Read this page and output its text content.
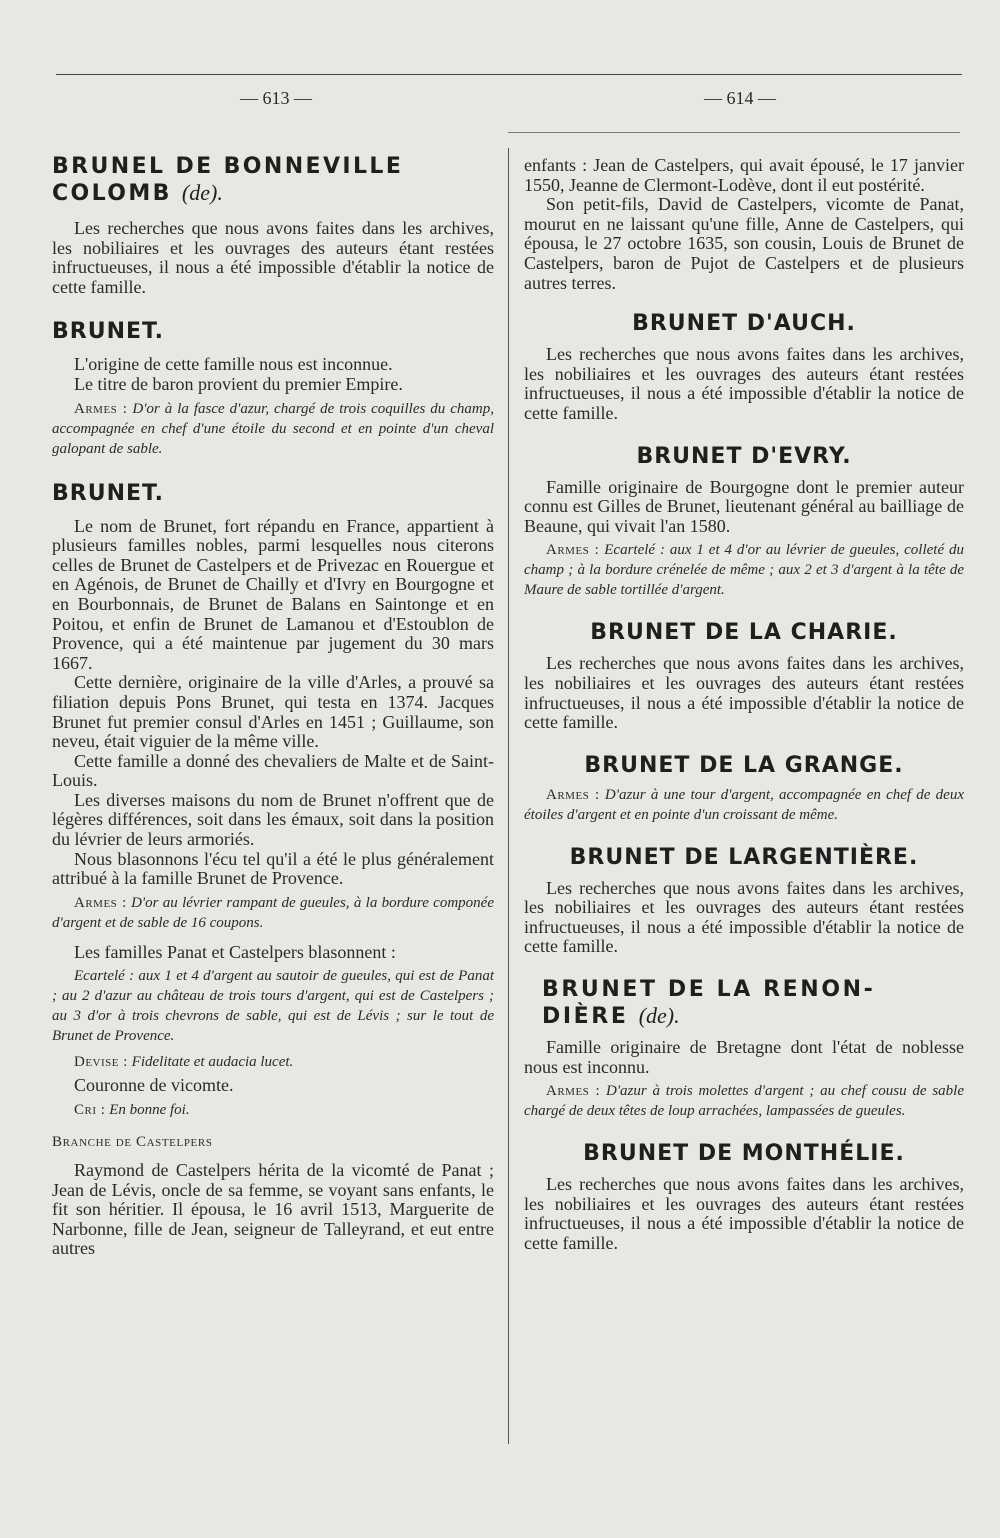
— 613 —	— 614 —
BRUNEL DE BONNEVILLE
COLOMB (de).

Les recherches que nous avons faites dans les archives, les nobiliaires et les ouvrages des auteurs étant restées infructueuses, il nous a été impossible d'établir la notice de cette famille.

BRUNET.

L'origine de cette famille nous est inconnue.

Le titre de baron provient du premier Empire.

Armes : D'or à la fasce d'azur, chargé de trois coquilles du champ, accompagnée en chef d'une étoile du second et en pointe d'un cheval galopant de sable.

BRUNET.

Le nom de Brunet, fort répandu en France, appartient à plusieurs familles nobles, parmi lesquelles nous citerons celles de Brunet de Castelpers et de Privezac en Rouergue et en Agénois, de Brunet de Chailly et d'Ivry en Bourgogne et en Bourbonnais, de Brunet de Balans en Saintonge et en Poitou, et enfin de Brunet de Lamanou et d'Estoublon de Provence, qui a été maintenue par jugement du 30 mars 1667.

Cette dernière, originaire de la ville d'Arles, a prouvé sa filiation depuis Pons Brunet, qui testa en 1374. Jacques Brunet fut premier consul d'Arles en 1451 ; Guillaume, son neveu, était viguier de la même ville.

Cette famille a donné des chevaliers de Malte et de Saint-Louis.

Les diverses maisons du nom de Brunet n'offrent que de légères différences, soit dans les émaux, soit dans la position du lévrier de leurs armoriés.

Nous blasonnons l'écu tel qu'il a été le plus généralement attribué à la famille Brunet de Provence.

Armes : D'or au lévrier rampant de gueules, à la bordure componée d'argent et de sable de 16 coupons.

Les familles Panat et Castelpers blasonnent :

Ecartelé : aux 1 et 4 d'argent au sautoir de gueules, qui est de Panat ; au 2 d'azur au château de trois tours d'argent, qui est de Castelpers ; au 3 d'or à trois chevrons de sable, qui est de Lévis ; sur le tout de Brunet de Provence.

Devise : Fidelitate et audacia lucet.

Couronne de vicomte.

Cri : En bonne foi.

Branche de Castelpers

Raymond de Castelpers hérita de la vicomté de Panat ; Jean de Lévis, oncle de sa femme, se voyant sans enfants, le fit son héritier. Il épousa, le 16 avril 1513, Marguerite de Narbonne, fille de Jean, seigneur de Talleyrand, et eut entre autres

enfants : Jean de Castelpers, qui avait épousé, le 17 janvier 1550, Jeanne de Clermont-Lodève, dont il eut postérité.

Son petit-fils, David de Castelpers, vicomte de Panat, mourut en ne laissant qu'une fille, Anne de Castelpers, qui épousa, le 27 octobre 1635, son cousin, Louis de Brunet de Castelpers, baron de Pujot de Castelpers et de plusieurs autres terres.

BRUNET D'AUCH.

Les recherches que nous avons faites dans les archives, les nobiliaires et les ouvrages des auteurs étant restées infructueuses, il nous a été impossible d'établir la notice de cette famille.

BRUNET D'EVRY.

Famille originaire de Bourgogne dont le premier auteur connu est Gilles de Brunet, lieutenant général au bailliage de Beaune, qui vivait l'an 1580.

Armes : Ecartelé : aux 1 et 4 d'or au lévrier de gueules, colleté du champ ; à la bordure crénelée de même ; aux 2 et 3 d'argent à la tête de Maure de sable tortillée d'argent.

BRUNET DE LA CHARIE.

Les recherches que nous avons faites dans les archives, les nobiliaires et les ouvrages des auteurs étant restées infructueuses, il nous a été impossible d'établir la notice de cette famille.

BRUNET DE LA GRANGE.

Armes : D'azur à une tour d'argent, accompagnée en chef de deux étoiles d'argent et en pointe d'un croissant de même.

BRUNET DE LARGENTIÈRE.

Les recherches que nous avons faites dans les archives, les nobiliaires et les ouvrages des auteurs étant restées infructueuses, il nous a été impossible d'établir la notice de cette famille.

BRUNET DE LA RENON-
DIÈRE (de).

Famille originaire de Bretagne dont l'état de noblesse nous est inconnu.

Armes : D'azur à trois molettes d'argent ; au chef cousu de sable chargé de deux têtes de loup arrachées, lampassées de gueules.

BRUNET DE MONTHÉLIE.

Les recherches que nous avons faites dans les archives, les nobiliaires et les ouvrages des auteurs étant restées infructueuses, il nous a été impossible d'établir la notice de cette famille.
